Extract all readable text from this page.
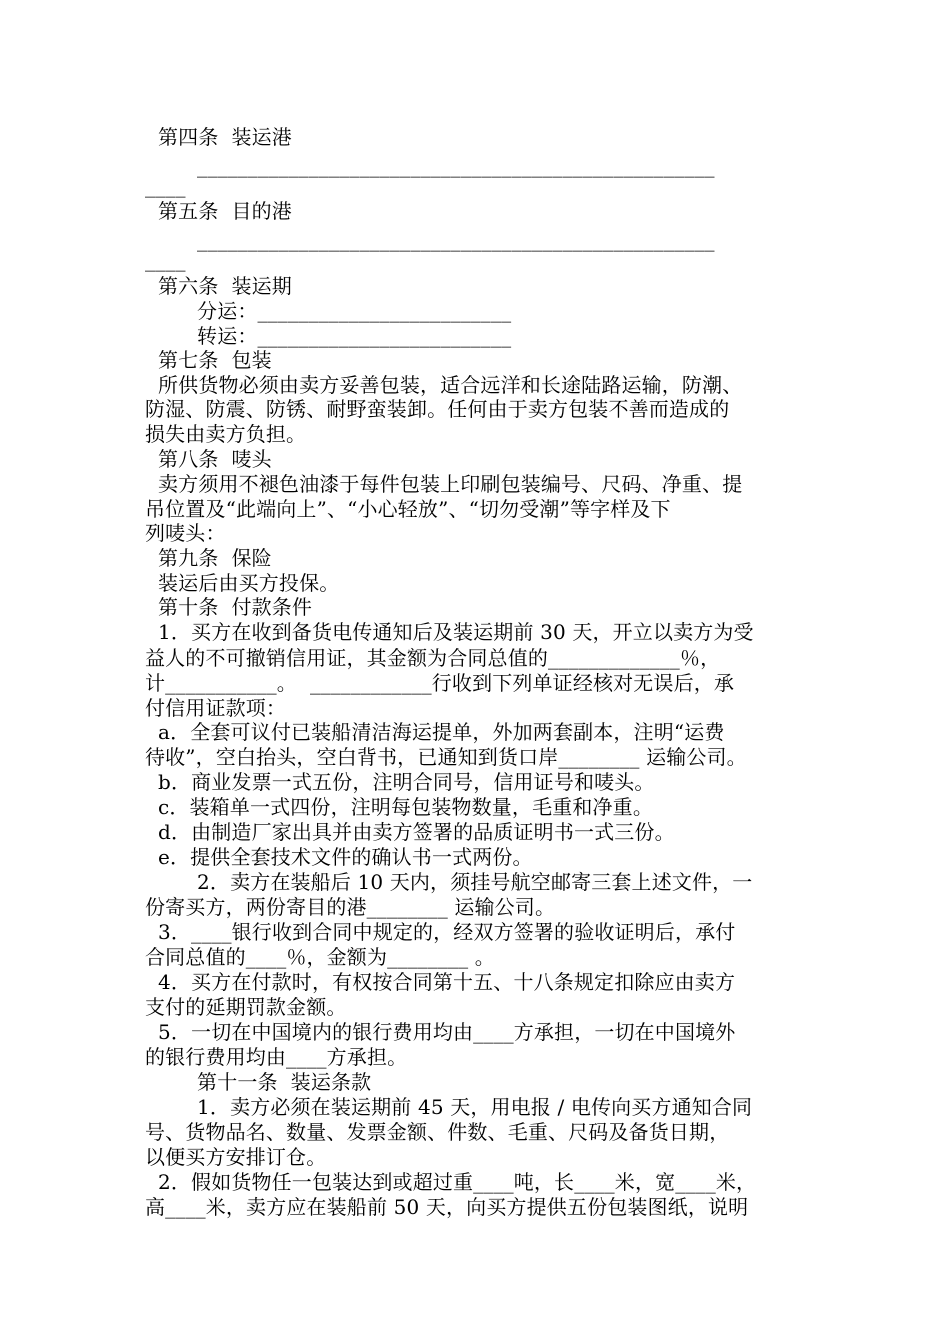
第四条  装运港
___________________________________________________
____
第五条  目的港
___________________________________________________
____
第六条  装运期
分运：_________________________
转运：_________________________
第七条  包装
所供货物必须由卖方妥善包装，适合远洋和长途陆路运输，防潮、
防湿、防震、防锈、耐野蛮装卸。任何由于卖方包装不善而造成的
损失由卖方负担。
第八条  唛头
卖方须用不褪色油漆于每件包装上印刷包装编号、尺码、净重、提
吊位置及“此端向上”、“小心轻放”、“切勿受潮”等字样及下
列唛头：
第九条  保险
装运后由买方投保。
第十条  付款条件
1．买方在收到备货电传通知后及装运期前 30 天，开立以卖方为受
益人的不可撤销信用证，其金额为合同总值的_____________％，
计___________。  ____________行收到下列单证经核对无误后，承
付信用证款项：
a．全套可议付已装船清洁海运提单，外加两套副本，注明“运费
待收”，空白抬头，空白背书，已通知到货口岸________ 运输公司。
b．商业发票一式五份，注明合同号，信用证号和唛头。
c．装箱单一式四份，注明每包装物数量，毛重和净重。
d．由制造厂家出具并由卖方签署的品质证明书一式三份。
e．提供全套技术文件的确认书一式两份。
2．卖方在装船后 10 天内，须挂号航空邮寄三套上述文件，一
份寄买方，两份寄目的港________ 运输公司。
3．____银行收到合同中规定的，经双方签署的验收证明后，承付
合同总值的____％，金额为________ 。
4．买方在付款时，有权按合同第十五、十八条规定扣除应由卖方
支付的延期罚款金额。
5．一切在中国境内的银行费用均由____方承担，一切在中国境外
的银行费用均由____方承担。
第十一条  装运条款
1．卖方必须在装运期前 45 天，用电报 / 电传向买方通知合同
号、货物品名、数量、发票金额、件数、毛重、尺码及备货日期，
以便买方安排订仓。
2．假如货物任一包装达到或超过重____吨，长____米，宽____米，
高____米，卖方应在装船前 50 天，向买方提供五份包装图纸，说明
